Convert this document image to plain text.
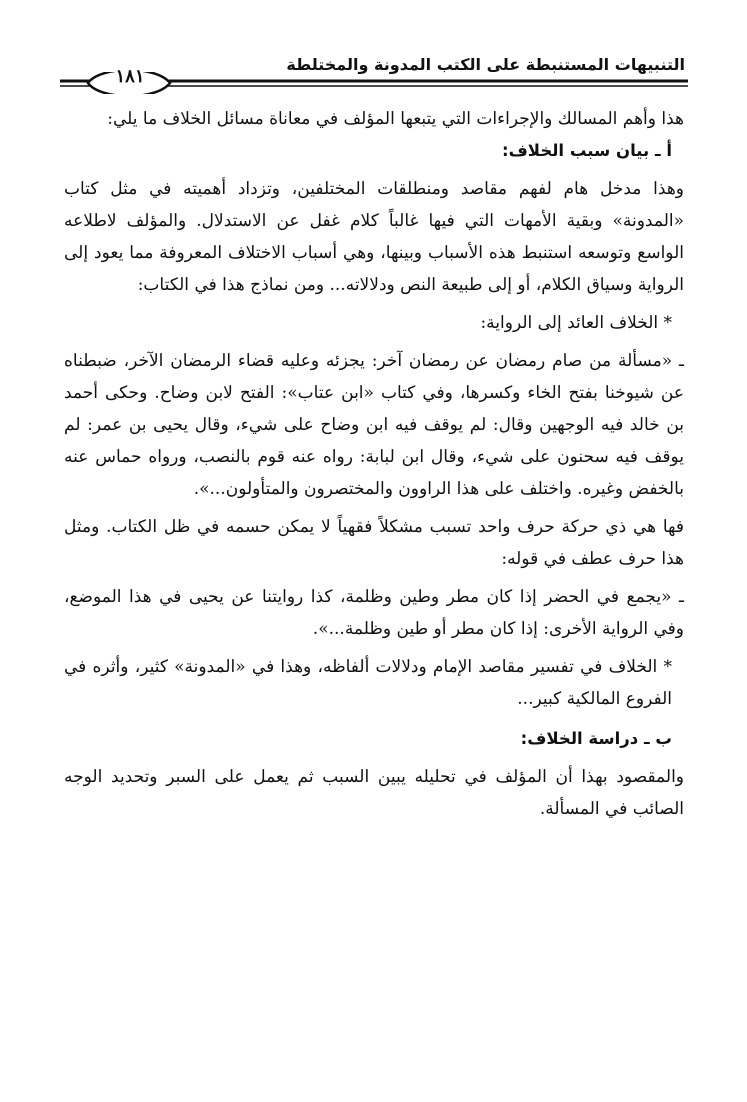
التنبيهات المستنبطة على الكتب المدونة والمختلطة
١٨١

هذا وأهم المسالك والإجراءات التي يتبعها المؤلف في معاناة مسائل الخلاف ما يلي:

أ ـ بيان سبب الخلاف:

وهذا مدخل هام لفهم مقاصد ومنطلقات المختلفين، وتزداد أهميته في مثل كتاب «المدونة» وبقية الأمهات التي فيها غالباً كلام غفل عن الاستدلال. والمؤلف لاطلاعه الواسع وتوسعه استنبط هذه الأسباب وبينها، وهي أسباب الاختلاف المعروفة مما يعود إلى الرواية وسياق الكلام، أو إلى طبيعة النص ودلالاته... ومن نماذج هذا في الكتاب:

* الخلاف العائد إلى الرواية:

ـ «مسألة من صام رمضان عن رمضان آخر: يجزئه وعليه قضاء الرمضان الآخر، ضبطناه عن شيوخنا بفتح الخاء وكسرها، وفي كتاب «ابن عتاب»: الفتح لابن وضاح. وحكى أحمد بن خالد فيه الوجهين وقال: لم يوقف فيه ابن وضاح على شيء، وقال يحيى بن عمر: لم يوقف فيه سحنون على شيء، وقال ابن لبابة: رواه عنه قوم بالنصب، ورواه حماس عنه بالخفض وغيره. واختلف على هذا الراوون والمختصرون والمتأولون...».

فها هي ذي حركة حرف واحد تسبب مشكلاً فقهياً لا يمكن حسمه في ظل الكتاب. ومثل هذا حرف عطف في قوله:

ـ «يجمع في الحضر إذا كان مطر وطين وظلمة، كذا روايتنا عن يحيى في هذا الموضع، وفي الرواية الأخرى: إذا كان مطر أو طين وظلمة...».

* الخلاف في تفسير مقاصد الإمام ودلالات ألفاظه، وهذا في «المدونة» كثير، وأثره في الفروع المالكية كبير...

ب ـ دراسة الخلاف:

والمقصود بهذا أن المؤلف في تحليله يبين السبب ثم يعمل على السبر وتحديد الوجه الصائب في المسألة.
